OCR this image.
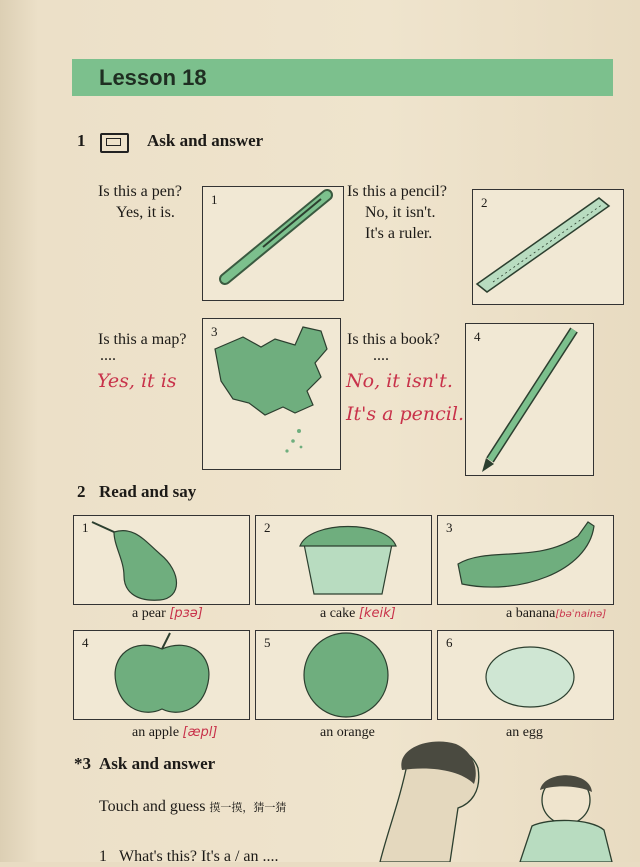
Lesson 18
1	Ask and answer
Is this a pen?
Yes, it is.
1	Is this a pencil?
No, it isn't.
It's a ruler.
2
Is this a map?
....
Yes, it is
3	Is this a book?
....
No, it isn't.
It's a pencil.
4
2 Read and say
1	2	3
a pear [pɜə]	a cake [keik]	a banana[bəˈnainə]
4	5	6
an apple [æpl]	an orange	an egg
*3 Ask and answer
Touch and guess 摸一摸，猜一猜
1 What's this? It's a / an ....
